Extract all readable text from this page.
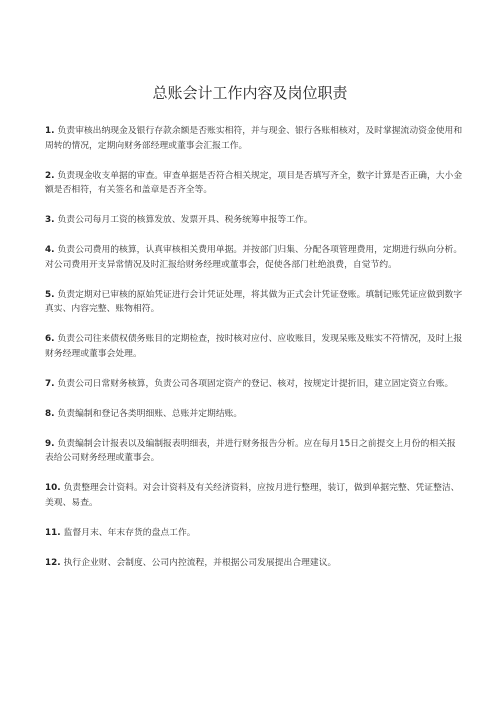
总账会计工作内容及岗位职责
1. 负责审核出纳现金及银行存款余额是否账实相符，并与现金、银行各账相核对，及时掌握流动资金使用和周转的情况，定期向财务部经理或董事会汇报工作。
2. 负责现金收支单据的审查。审查单据是否符合相关规定，项目是否填写齐全，数字计算是否正确，大小金额是否相符，有关签名和盖章是否齐全等。
3. 负责公司每月工资的核算发放、发票开具、税务统筹申报等工作。
4. 负责公司费用的核算，认真审核相关费用单据。并按部门归集、分配各项管理费用，定期进行纵向分析。对公司费用开支异常情况及时汇报给财务经理或董事会，促使各部门杜绝浪费，自觉节约。
5. 负责定期对已审核的原始凭证进行会计凭证处理，将其做为正式会计凭证登账。填制记账凭证应做到数字真实、内容完整、账物相符。
6. 负责公司往来债权债务账目的定期检查，按时核对应付、应收账目，发现呆账及账实不符情况，及时上报财务经理或董事会处理。
7. 负责公司日常财务核算，负责公司各项固定资产的登记、核对，按规定计提折旧，建立固定资立台账。
8. 负责编制和登记各类明细账、总账并定期结账。
9. 负责编制会计报表以及编制报表明细表，并进行财务报告分析。应在每月15日之前提交上月份的相关报表给公司财务经理或董事会。
10. 负责整理会计资料。对会计资料及有关经济资料，应按月进行整理，装订，做到单据完整、凭证整洁、美观、易查。
11. 监督月末、年末存货的盘点工作。
12. 执行企业财、会制度、公司内控流程，并根据公司发展提出合理建议。
